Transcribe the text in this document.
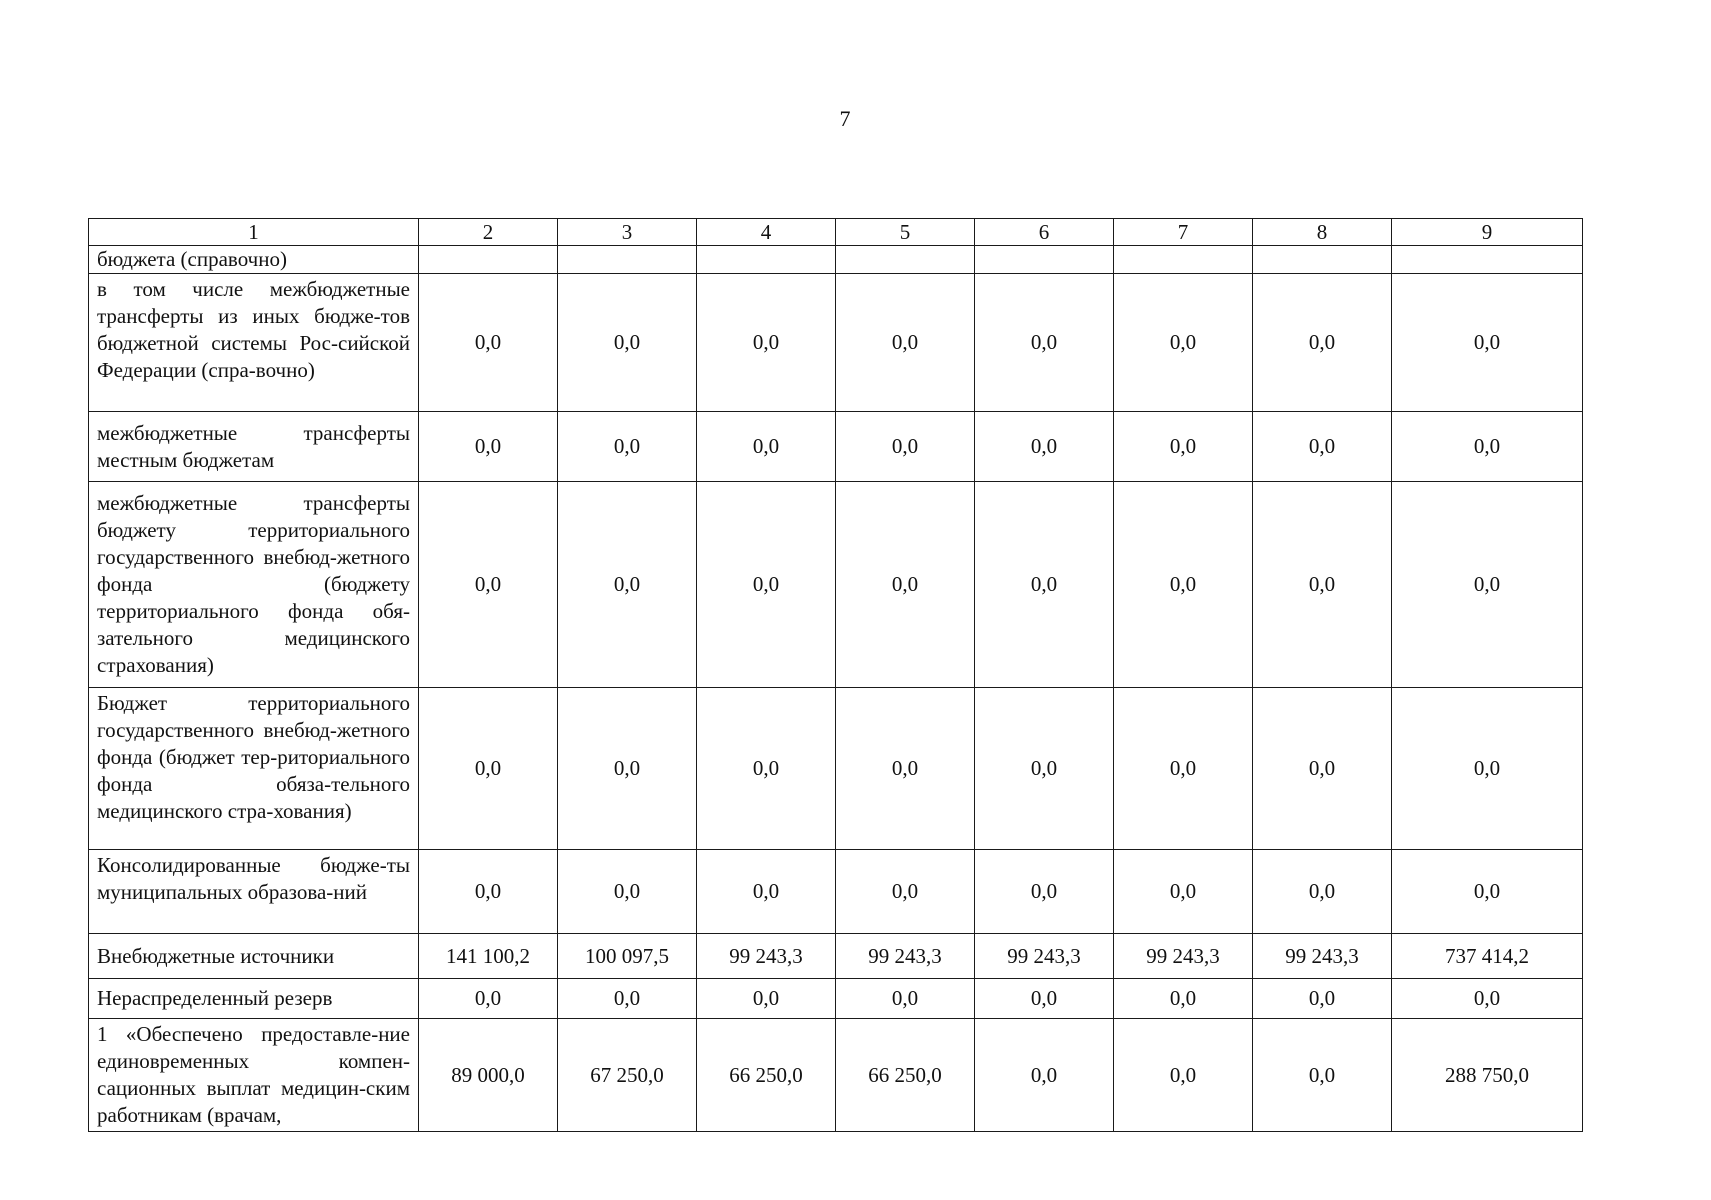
7
1	2	3	4	5	6	7	8	9
бюджета (справочно)								
в том числе межбюджетные трансферты из иных бюдже-тов бюджетной системы Рос-сийской Федерации (спра-вочно)	0,0	0,0	0,0	0,0	0,0	0,0	0,0	0,0
межбюджетные трансферты местным бюджетам	0,0	0,0	0,0	0,0	0,0	0,0	0,0	0,0
межбюджетные трансферты бюджету территориального государственного внебюд-жетного фонда (бюджету территориального фонда обя-зательного медицинского страхования)	0,0	0,0	0,0	0,0	0,0	0,0	0,0	0,0
Бюджет территориального государственного внебюд-жетного фонда (бюджет тер-риториального фонда обяза-тельного медицинского стра-хования)	0,0	0,0	0,0	0,0	0,0	0,0	0,0	0,0
Консолидированные бюдже-ты муниципальных образова-ний	0,0	0,0	0,0	0,0	0,0	0,0	0,0	0,0
Внебюджетные источники	141 100,2	100 097,5	99 243,3	99 243,3	99 243,3	99 243,3	99 243,3	737 414,2
Нераспределенный резерв	0,0	0,0	0,0	0,0	0,0	0,0	0,0	0,0
1 «Обеспечено предоставле-ние единовременных компен-сационных выплат медицин-ским работникам (врачам,	89 000,0	67 250,0	66 250,0	66 250,0	0,0	0,0	0,0	288 750,0
